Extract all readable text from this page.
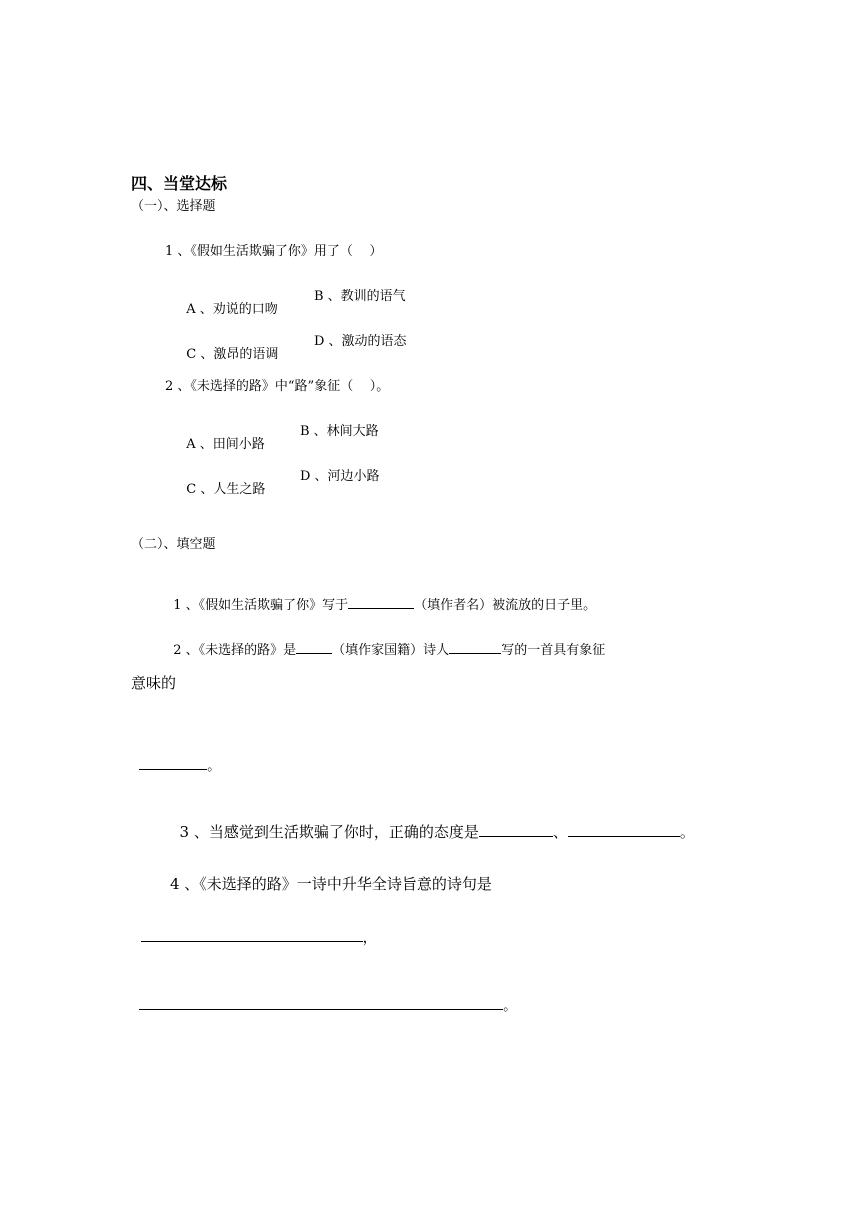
四、当堂达标
（一）、选择题
1 、《假如生活欺骗了你》用了（    ）

A 、劝说的口吻

B 、教训的语气

C 、激昂的语调

D 、激动的语态

2 、《未选择的路》中“路”象征（    ）。

A 、田间小路

B 、林间大路

C 、人生之路

D 、河边小路

（二）、填空题

1 、《假如生活欺骗了你》写于	（填作者名）被流放的日子里。

2 、《未选择的路》是	（填作家国籍）诗人	写的一首具有象征

意味的

。

3 、当感觉到生活欺骗了你时，正确的态度是	、	。

4 、《未选择的路》一诗中升华全诗旨意的诗句是

，

。
